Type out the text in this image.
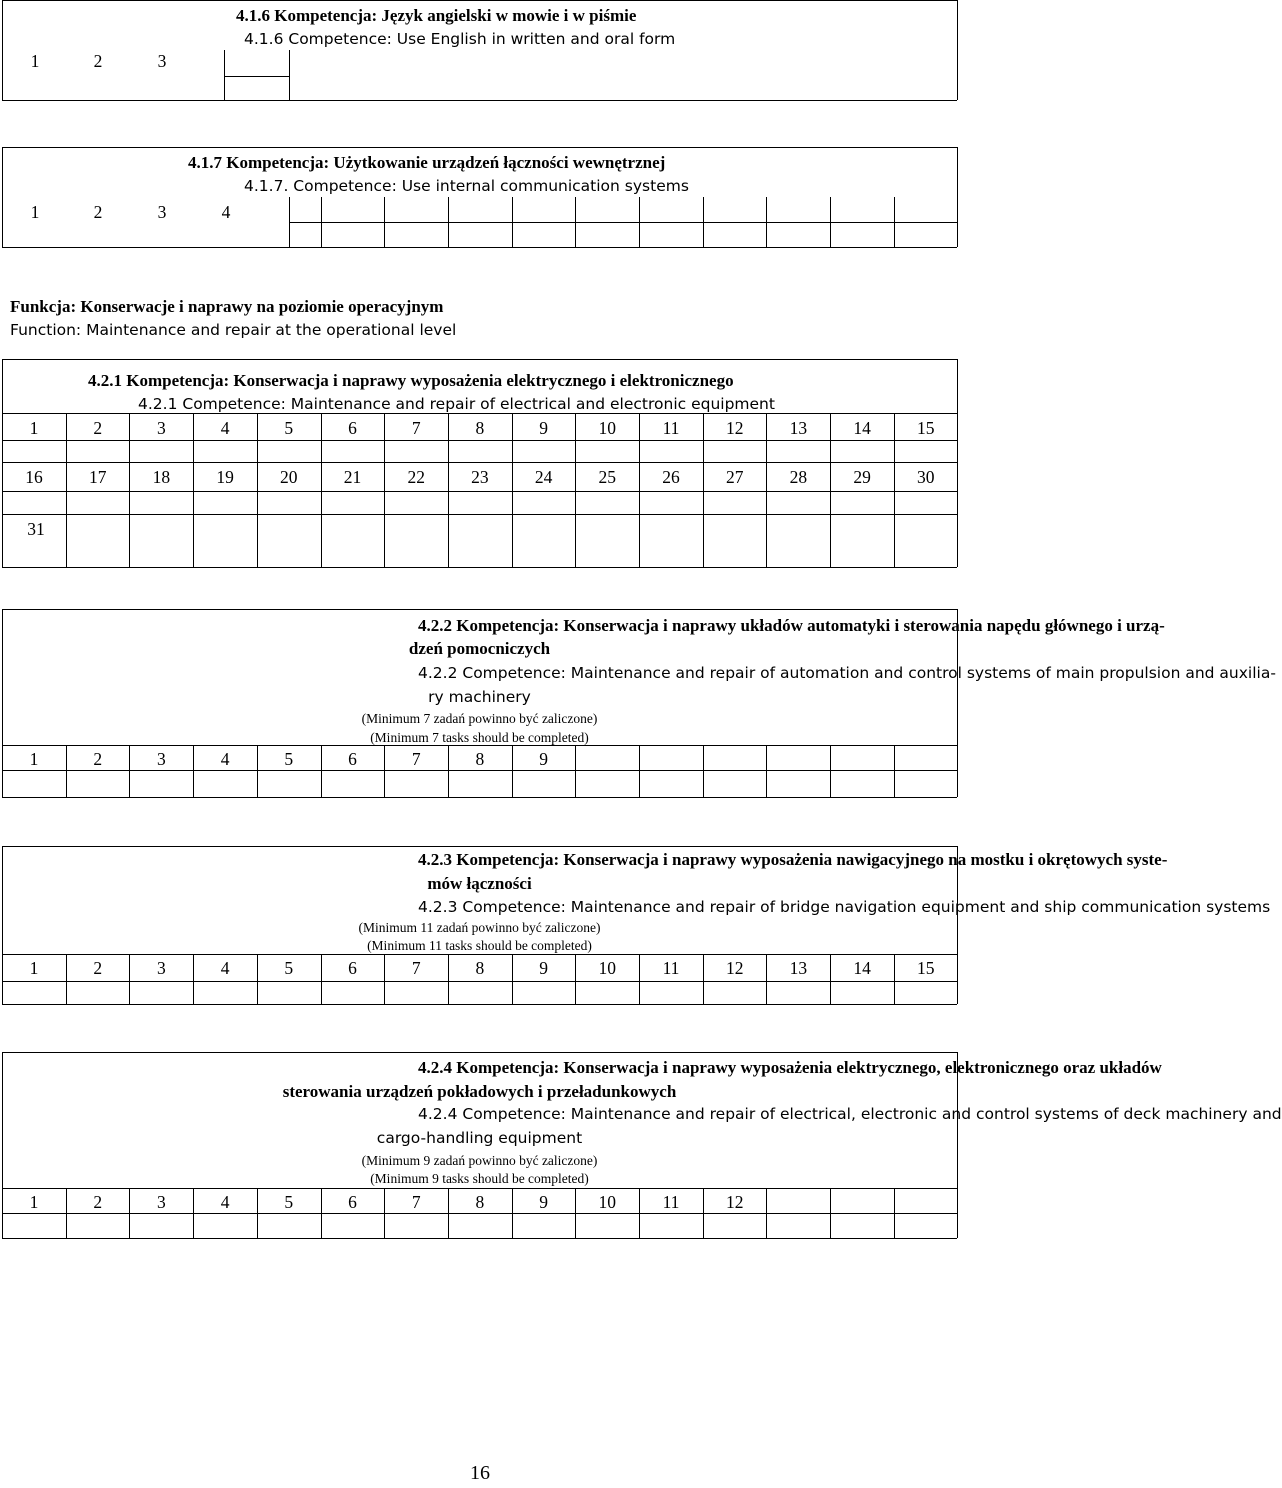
4.1.6 Kompetencja: Język angielski w mowie i w piśmie
4.1.6 Competence: Use English in written and oral form
1	2	3
4.1.7 Kompetencja: Użytkowanie urządzeń łączności wewnętrznej
4.1.7. Competence: Use internal communication systems
1	2	3	4
Funkcja: Konserwacje i naprawy na poziomie operacyjnym
Function: Maintenance and repair at the operational level
4.2.1 Kompetencja: Konserwacja i naprawy wyposażenia elektrycznego i elektronicznego
4.2.1 Competence: Maintenance and repair of electrical and electronic equipment
1	2	3	4	5	6	7	8	9	10	11	12	13	14	15
16	17	18	19	20	21	22	23	24	25	26	27	28	29	30
31
4.2.2 Kompetencja: Konserwacja i naprawy układów automatyki i sterowania napędu głównego i urzą-
dzeń pomocniczych
4.2.2 Competence: Maintenance and repair of automation and control systems of main propulsion and auxilia-
ry machinery
(Minimum 7 zadań powinno być zaliczone)
(Minimum 7 tasks should be completed)
1	2	3	4	5	6	7	8	9
4.2.3 Kompetencja: Konserwacja i naprawy wyposażenia nawigacyjnego na mostku i okrętowych syste-
mów łączności
4.2.3 Competence: Maintenance and repair of bridge navigation equipment and ship communication systems
(Minimum 11 zadań powinno być zaliczone)
(Minimum 11 tasks should be completed)
1	2	3	4	5	6	7	8	9	10	11	12	13	14	15
4.2.4 Kompetencja: Konserwacja i naprawy wyposażenia elektrycznego, elektronicznego oraz układów
sterowania urządzeń pokładowych i przeładunkowych
4.2.4 Competence: Maintenance and repair of electrical, electronic and control systems of deck machinery and
cargo-handling equipment
(Minimum 9 zadań powinno być zaliczone)
(Minimum 9 tasks should be completed)
1	2	3	4	5	6	7	8	9	10	11	12
16
